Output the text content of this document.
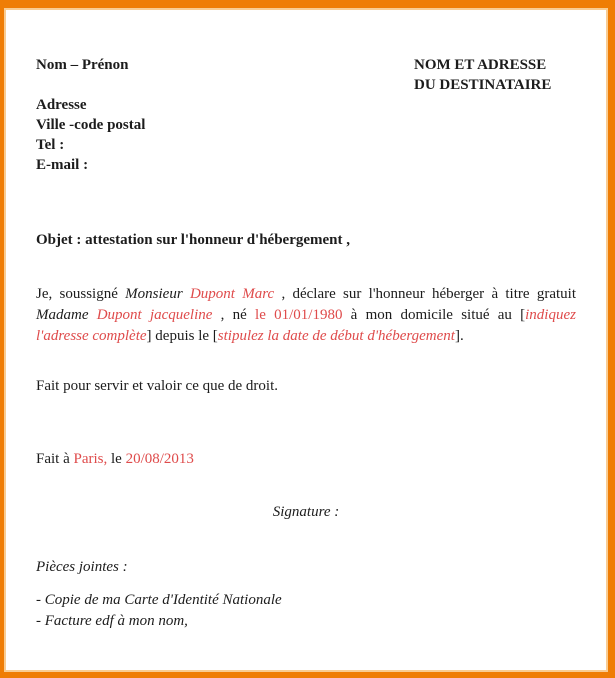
Nom – Prénon

Adresse

Ville -code postal

Tel :

E-mail :

NOM ET ADRESSE

DU DESTINATAIRE

Objet : attestation sur l'honneur d'hébergement ,

Je, soussigné Monsieur Dupont Marc , déclare sur l'honneur héberger à titre gratuit Madame Dupont jacqueline , né le 01/01/1980 à mon domicile situé au [indiquez l'adresse complète] depuis le [stipulez la date de début d'hébergement].

Fait pour servir et valoir ce que de droit.

Fait à Paris, le 20/08/2013

Signature :

Pièces jointes :

- Copie de ma Carte d'Identité Nationale

- Facture edf à mon nom,
